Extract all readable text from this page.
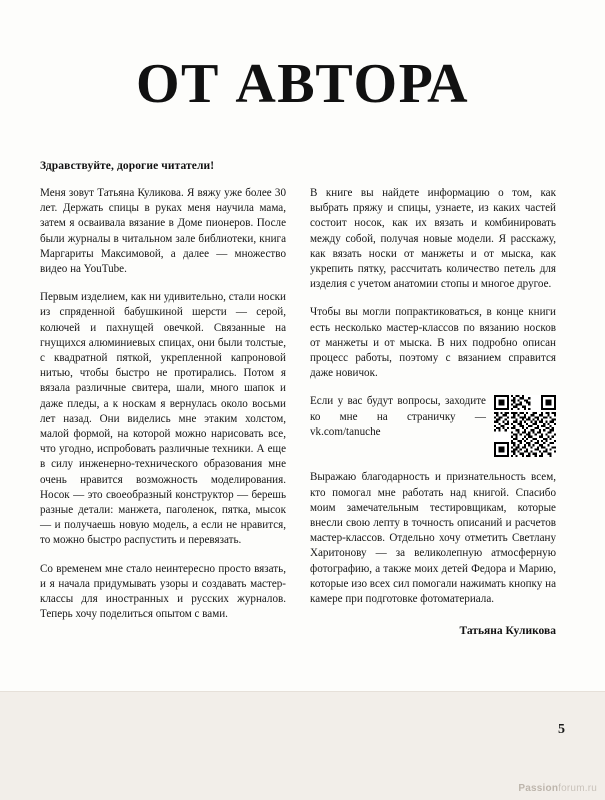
ОТ АВТОРА
Здравствуйте, дорогие читатели!

Меня зовут Татьяна Куликова. Я вяжу уже более 30 лет. Держать спицы в руках меня научила мама, затем я осваивала вязание в Доме пионеров. После были журналы в читальном зале библиотеки, книга Маргариты Максимовой, а далее — множество видео на YouTube.

Первым изделием, как ни удивительно, стали носки из спряденной бабушкиной шерсти — серой, колючей и пахнущей овечкой. Связанные на гнущихся алюминиевых спицах, они были толстые, с квадратной пяткой, укрепленной капроновой нитью, чтобы быстро не протирались. Потом я вязала различные свитера, шали, много шапок и даже пледы, а к носкам я вернулась около восьми лет назад. Они виделись мне этаким холстом, малой формой, на которой можно нарисовать все, что угодно, испробовать различные техники. А еще в силу инженерно-технического образования мне очень нравится возможность моделирования. Носок — это своеобразный конструктор — берешь разные детали: манжета, паголенок, пятка, мысок — и получаешь новую модель, а если не нравится, то можно быстро распустить и перевязать.

Со временем мне стало неинтересно просто вязать, и я начала придумывать узоры и создавать мастер-классы для иностранных и русских журналов. Теперь хочу поделиться опытом с вами.

В книге вы найдете информацию о том, как выбрать пряжу и спицы, узнаете, из каких частей состоит носок, как их вязать и комбинировать между собой, получая новые модели. Я расскажу, как вязать носки от манжеты и от мыска, как укрепить пятку, рассчитать количество петель для изделия с учетом анатомии стопы и многое другое.

Чтобы вы могли попрактиковаться, в конце книги есть несколько мастер-классов по вязанию носков от манжеты и от мыска. В них подробно описан процесс работы, поэтому с вязанием справится даже новичок.

Если у вас будут вопросы, заходите ко мне на страничку — vk.com/tanuche

Выражаю благодарность и признательность всем, кто помогал мне работать над книгой. Спасибо моим замечательным тестировщикам, которые внесли свою лепту в точность описаний и расчетов мастер-классов. Отдельно хочу отметить Светлану Харитонову — за великолепную атмосферную фотографию, а также моих детей Федора и Марию, которые изо всех сил помогали нажимать кнопку на камере при подготовке фотоматериала.

Татьяна Куликова
5
Passionforum.ru
